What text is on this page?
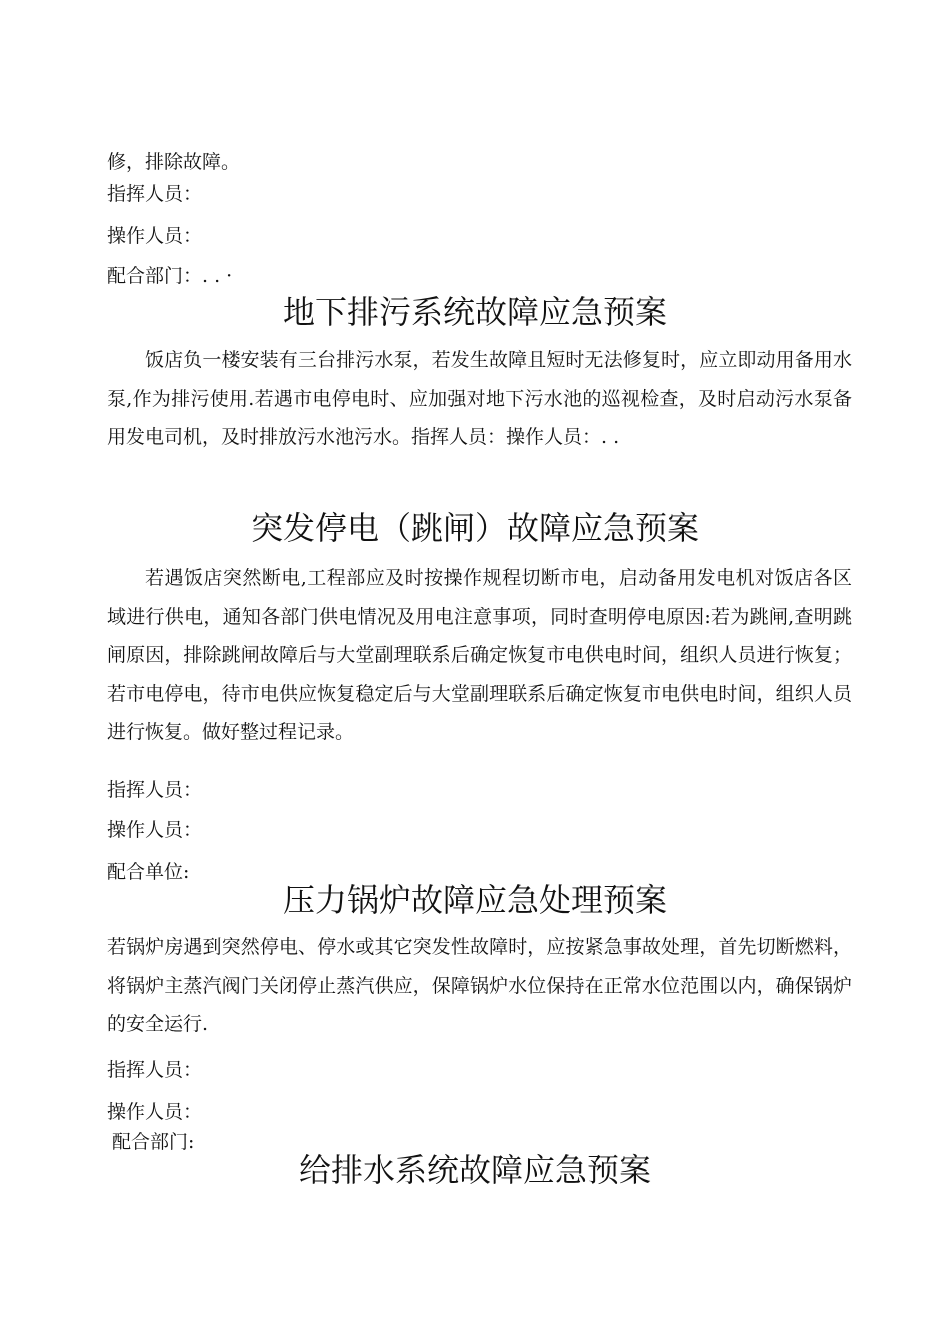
修，排除故障。
指挥人员：
操作人员：
配合部门：. . ·
地下排污系统故障应急预案
饭店负一楼安装有三台排污水泵，若发生故障且短时无法修复时，应立即动用备用水泵,作为排污使用.若遇市电停电时、应加强对地下污水池的巡视检查，及时启动污水泵备用发电司机，及时排放污水池污水。指挥人员：操作人员：. .
突发停电（跳闸）故障应急预案
若遇饭店突然断电,工程部应及时按操作规程切断市电，启动备用发电机对饭店各区域进行供电，通知各部门供电情况及用电注意事项，同时查明停电原因:若为跳闸,查明跳闸原因，排除跳闸故障后与大堂副理联系后确定恢复市电供电时间，组织人员进行恢复；若市电停电，待市电供应恢复稳定后与大堂副理联系后确定恢复市电供电时间，组织人员进行恢复。做好整过程记录。
指挥人员：
操作人员：
配合单位:
压力锅炉故障应急处理预案
若锅炉房遇到突然停电、停水或其它突发性故障时，应按紧急事故处理，首先切断燃料，将锅炉主蒸汽阀门关闭停止蒸汽供应，保障锅炉水位保持在正常水位范围以内，确保锅炉的安全运行.
指挥人员：
操作人员：
配合部门:
给排水系统故障应急预案
